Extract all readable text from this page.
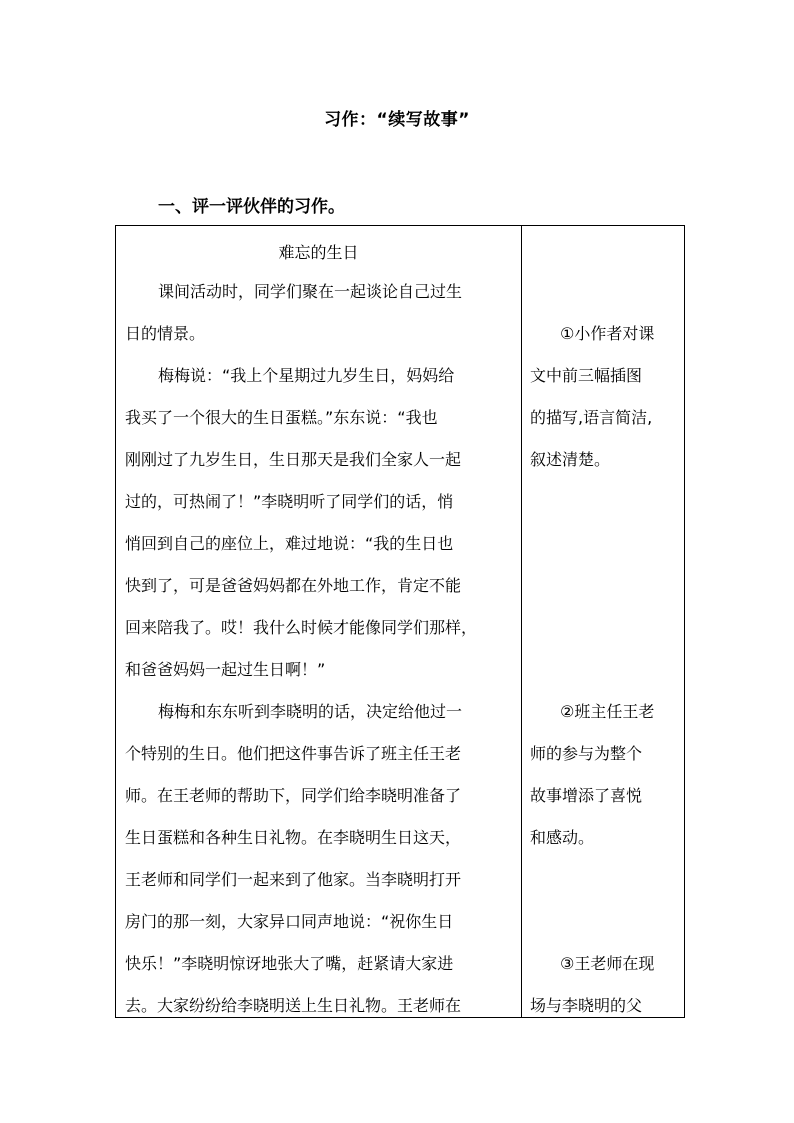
习作：“续写故事”
一、评一评伙伴的习作。
难忘的生日
课间活动时，同学们聚在一起谈论自己过生
日的情景。
梅梅说：“我上个星期过九岁生日，妈妈给
我买了一个很大的生日蛋糕。”东东说：“我也
刚刚过了九岁生日，生日那天是我们全家人一起
过的，可热闹了！”李晓明听了同学们的话，悄
悄回到自己的座位上，难过地说：“我的生日也
快到了，可是爸爸妈妈都在外地工作，肯定不能
回来陪我了。哎！我什么时候才能像同学们那样，
和爸爸妈妈一起过生日啊！”
梅梅和东东听到李晓明的话，决定给他过一
个特别的生日。他们把这件事告诉了班主任王老
师。在王老师的帮助下，同学们给李晓明准备了
生日蛋糕和各种生日礼物。在李晓明生日这天，
王老师和同学们一起来到了他家。当李晓明打开
房门的那一刻，大家异口同声地说：“祝你生日
快乐！”李晓明惊讶地张大了嘴，赶紧请大家进
去。大家纷纷给李晓明送上生日礼物。王老师在
①小作者对课
文中前三幅插图
的描写,语言简洁,
叙述清楚。
②班主任王老
师的参与为整个
故事增添了喜悦
和感动。
③王老师在现
场与李晓明的父
